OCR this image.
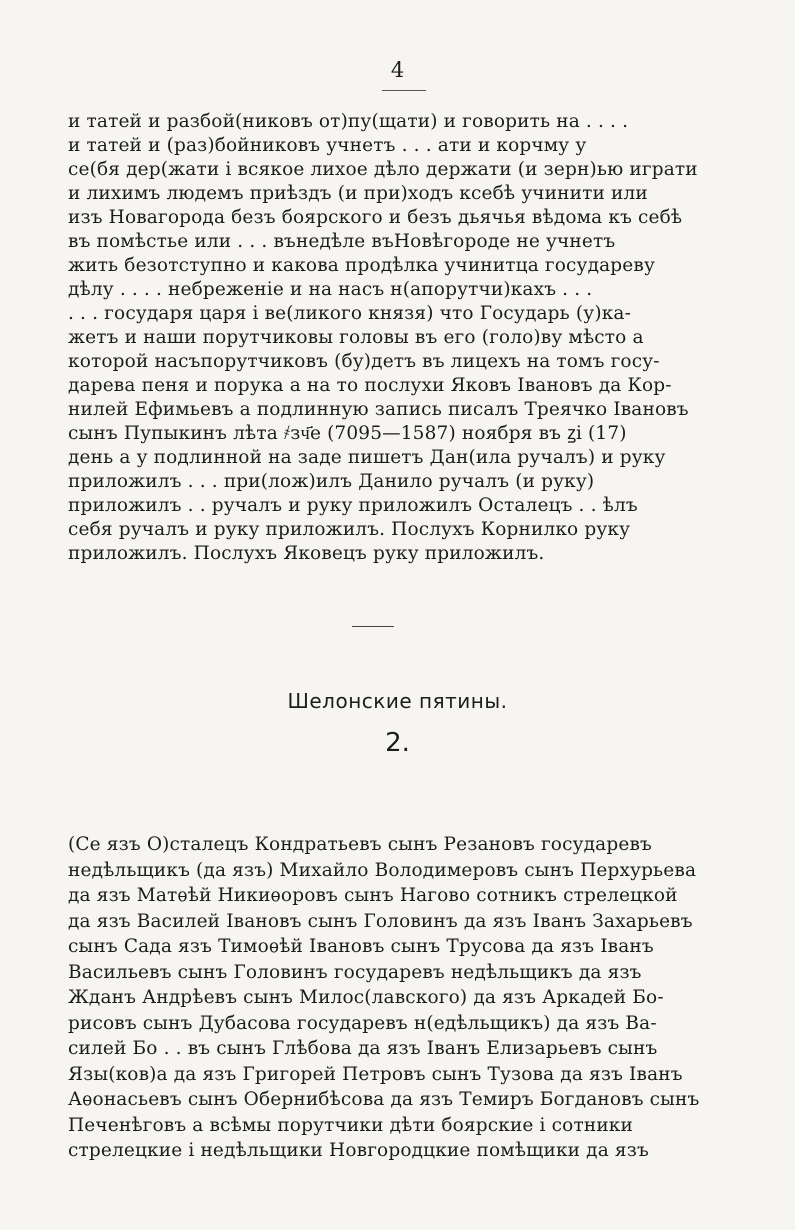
4
и татей и разбой(никовъ от)пу(щати) и говорить на . . . .
и татей и (раз)бойниковъ учнетъ . . . ати и корчму у
се(бя дер(жати і всякое лихое дѣло держати (и зерн)ью играти
и лихимъ людемъ приѣздъ (и при)ходъ ксебѣ учинити или
изъ Новагорода безъ боярского и безъ дьячья вѣдома къ себѣ
въ помѣстье или . . . вънедѣле въНовѣгороде не учнетъ
жить безотступно и какова продѣлка учинитца государеву
дѣлу . . . . небреженіе и на насъ н(апорутчи)кахъ . . .
. . . государя царя і ве(ликого князя) что Государь (у)ка-
жетъ и наши порутчиковы головы въ его (голо)ву мѣсто а
которой насъпорутчиковъ (бу)детъ въ лицехъ на томъ госу-
дарева пеня и порука а на то послухи Яковъ Івановъ да Кор-
нилей Ефимьевъ а подлинную запись писалъ Треячко Івановъ
сынъ Пупыкинъ лѣта ҂зч҃е (7095—1587) ноября въ ꙁі (17)
день а у подлинной на заде пишетъ Дан(ила ручалъ) и руку
приложилъ . . . при(лож)илъ Данило ручалъ (и руку)
приложилъ . . ручалъ и руку приложилъ Осталецъ . . ѣлъ
себя ручалъ и руку приложилъ. Послухъ Корнилко руку
приложилъ. Послухъ Яковецъ руку приложилъ.
Шелонские пятины.
2.
(Се язъ О)сталецъ Кондратьевъ сынъ Резановъ государевъ
недѣльщикъ (да язъ) Михайло Володимеровъ сынъ Перхурьева
да язъ Матѳѣй Никиѳоровъ сынъ Нагово сотникъ стрелецкой
да язъ Василей Івановъ сынъ Головинъ да язъ Іванъ Захарьевъ
сынъ Сада язъ Тимоѳѣй Івановъ сынъ Трусова да язъ Іванъ
Васильевъ сынъ Головинъ государевъ недѣльщикъ да язъ
Жданъ Андрѣевъ сынъ Милос(лавского) да язъ Аркадей Бо-
рисовъ сынъ Дубасова государевъ н(едѣльщикъ) да язъ Ва-
силей Бо . . въ сынъ Глѣбова да язъ Іванъ Елизарьевъ сынъ
Язы(ков)а да язъ Григорей Петровъ сынъ Тузова да язъ Іванъ
Аѳонасьевъ сынъ Обернибѣсова да язъ Темиръ Богдановъ сынъ
Печенѣговъ а всѣмы порутчики дѣти боярские і сотники
стрелецкие і недѣльщики Новгородцкие помѣщики да язъ
